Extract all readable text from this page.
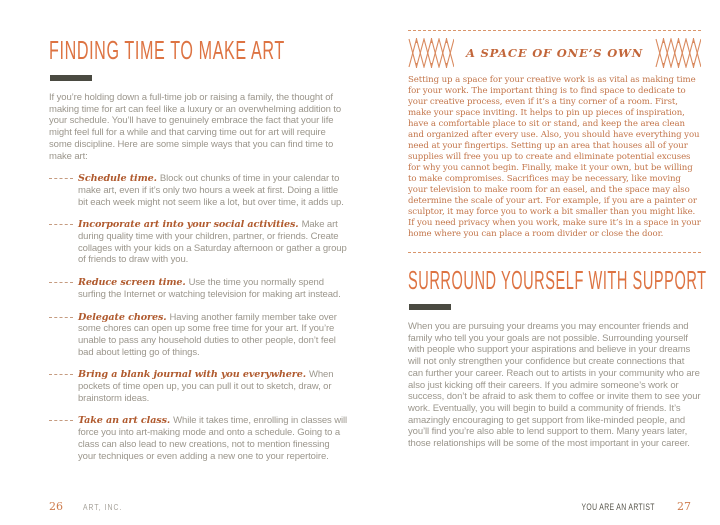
FINDING TIME TO MAKE ART

If you’re holding down a full-time job or raising a family, the thought of making time for art can feel like a luxury or an overwhelming addition to your schedule. You’ll have to genuinely embrace the fact that your life might feel full for a while and that carving time out for art will require some discipline. Here are some simple ways that you can find time to make art:

Schedule time. Block out chunks of time in your calendar to make art, even if it’s only two hours a week at first. Doing a little bit each week might not seem like a lot, but over time, it adds up.

Incorporate art into your social activities. Make art during quality time with your children, partner, or friends. Create collages with your kids on a Saturday afternoon or gather a group of friends to draw with you.

Reduce screen time. Use the time you normally spend surfing the Internet or watching television for making art instead.

Delegate chores. Having another family member take over some chores can open up some free time for your art. If you’re unable to pass any household duties to other people, don’t feel bad about letting go of things.

Bring a blank journal with you everywhere. When pockets of time open up, you can pull it out to sketch, draw, or brainstorm ideas.

Take an art class. While it takes time, enrolling in classes will force you into art-making mode and onto a schedule. Going to a class can also lead to new creations, not to mention finessing your techniques or even adding a new one to your repertoire.

A SPACE OF ONE’S OWN

Setting up a space for your creative work is as vital as making time for your work. The important thing is to find space to dedicate to your creative process, even if it’s a tiny corner of a room. First, make your space inviting. It helps to pin up pieces of inspiration, have a comfortable place to sit or stand, and keep the area clean and organized after every use. Also, you should have everything you need at your fingertips. Setting up an area that houses all of your supplies will free you up to create and eliminate potential excuses for why you cannot begin. Finally, make it your own, but be willing to make compromises. Sacrifices may be necessary, like moving your television to make room for an easel, and the space may also determine the scale of your art. For example, if you are a painter or sculptor, it may force you to work a bit smaller than you might like. If you need privacy when you work, make sure it’s in a space in your home where you can place a room divider or close the door.

SURROUND YOURSELF WITH SUPPORT

When you are pursuing your dreams you may encounter friends and family who tell you your goals are not possible. Surrounding yourself with people who support your aspirations and believe in your dreams will not only strengthen your confidence but create connections that can further your career. Reach out to artists in your community who are also just kicking off their careers. If you admire someone’s work or success, don’t be afraid to ask them to coffee or invite them to see your work. Eventually, you will begin to build a community of friends. It’s amazingly encouraging to get support from like-minded people, and you’ll find you’re also able to lend support to them. Many years later, those relationships will be some of the most important in your career.

26	ART, INC.	YOU ARE AN ARTIST 27
